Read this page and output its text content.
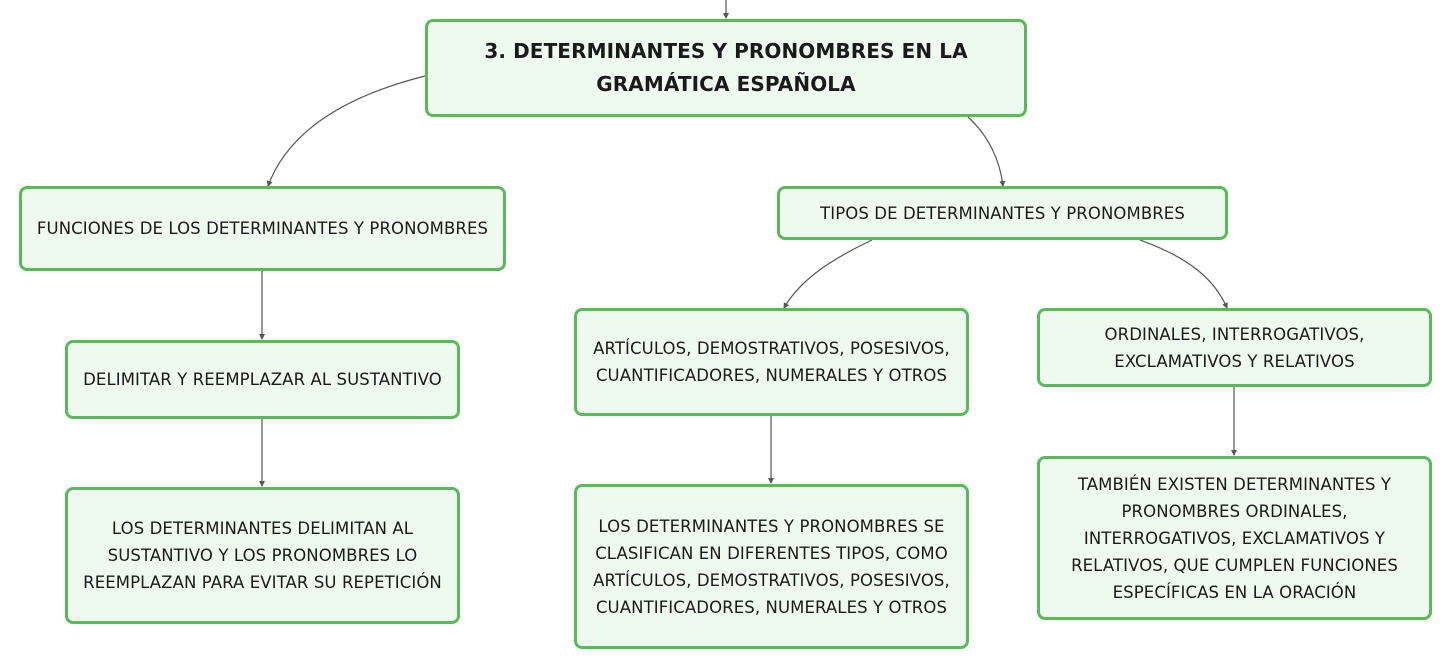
3. DETERMINANTES Y PRONOMBRES EN LA GRAMÁTICA ESPAÑOLA
FUNCIONES DE LOS DETERMINANTES Y PRONOMBRES
TIPOS DE DETERMINANTES Y PRONOMBRES
DELIMITAR Y REEMPLAZAR AL SUSTANTIVO
ARTÍCULOS, DEMOSTRATIVOS, POSESIVOS, CUANTIFICADORES, NUMERALES Y OTROS
ORDINALES, INTERROGATIVOS, EXCLAMATIVOS Y RELATIVOS
LOS DETERMINANTES DELIMITAN AL SUSTANTIVO Y LOS PRONOMBRES LO REEMPLAZAN PARA EVITAR SU REPETICIÓN
LOS DETERMINANTES Y PRONOMBRES SE CLASIFICAN EN DIFERENTES TIPOS, COMO ARTÍCULOS, DEMOSTRATIVOS, POSESIVOS, CUANTIFICADORES, NUMERALES Y OTROS
TAMBIÉN EXISTEN DETERMINANTES Y PRONOMBRES ORDINALES, INTERROGATIVOS, EXCLAMATIVOS Y RELATIVOS, QUE CUMPLEN FUNCIONES ESPECÍFICAS EN LA ORACIÓN
